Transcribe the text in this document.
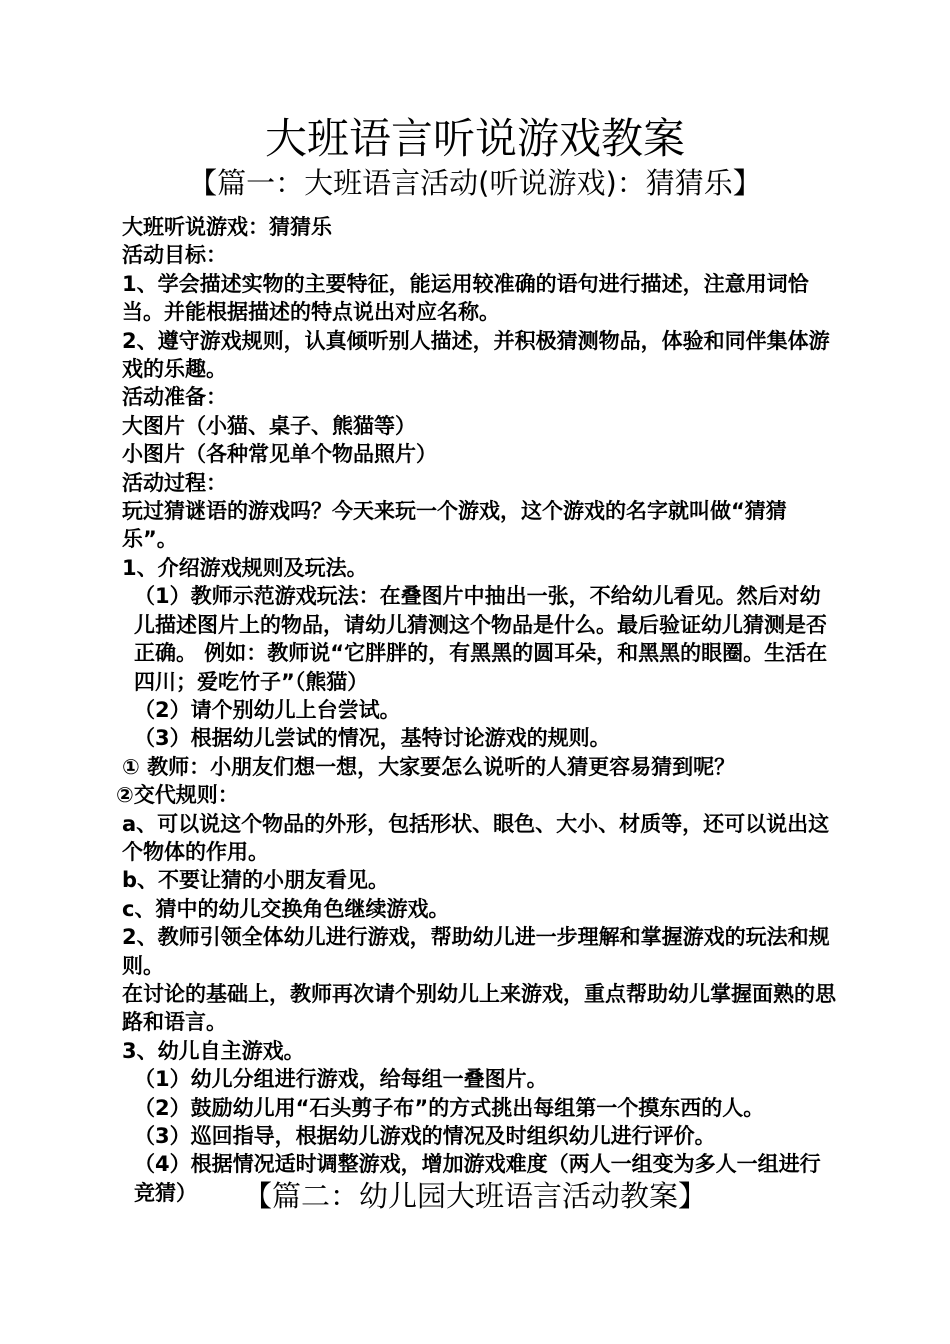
大班语言听说游戏教案
【篇一：大班语言活动(听说游戏)：猜猜乐】

大班听说游戏：猜猜乐

活动目标：

1、学会描述实物的主要特征，能运用较准确的语句进行描述，注意用词恰当。并能根据描述的特点说出对应名称。

2、遵守游戏规则，认真倾听别人描述，并积极猜测物品，体验和同伴集体游戏的乐趣。

活动准备：

大图片（小猫、桌子、熊猫等）

小图片（各种常见单个物品照片）

活动过程：

玩过猜谜语的游戏吗？今天来玩一个游戏，这个游戏的名字就叫做“猜猜乐”。

1、介绍游戏规则及玩法。

（1）教师示范游戏玩法：在叠图片中抽出一张，不给幼儿看见。然后对幼儿描述图片上的物品，请幼儿猜测这个物品是什么。最后验证幼儿猜测是否正确。 例如：教师说“它胖胖的，有黑黑的圆耳朵，和黑黑的眼圈。生活在四川；爱吃竹子”（熊猫）

（2）请个别幼儿上台尝试。

（3）根据幼儿尝试的情况，基特讨论游戏的规则。

① 教师：小朋友们想一想，大家要怎么说听的人猜更容易猜到呢？

②交代规则：

a、可以说这个物品的外形，包括形状、眼色、大小、材质等，还可以说出这个物体的作用。

b、不要让猜的小朋友看见。

c、猜中的幼儿交换角色继续游戏。

2、教师引领全体幼儿进行游戏，帮助幼儿进一步理解和掌握游戏的玩法和规则。

在讨论的基础上，教师再次请个别幼儿上来游戏，重点帮助幼儿掌握面熟的思路和语言。

3、幼儿自主游戏。

（1）幼儿分组进行游戏，给每组一叠图片。

（2）鼓励幼儿用“石头剪子布”的方式挑出每组第一个摸东西的人。

（3）巡回指导，根据幼儿游戏的情况及时组织幼儿进行评价。

（4）根据情况适时调整游戏，增加游戏难度（两人一组变为多人一组进行竞猜）	【篇二：幼儿园大班语言活动教案】
